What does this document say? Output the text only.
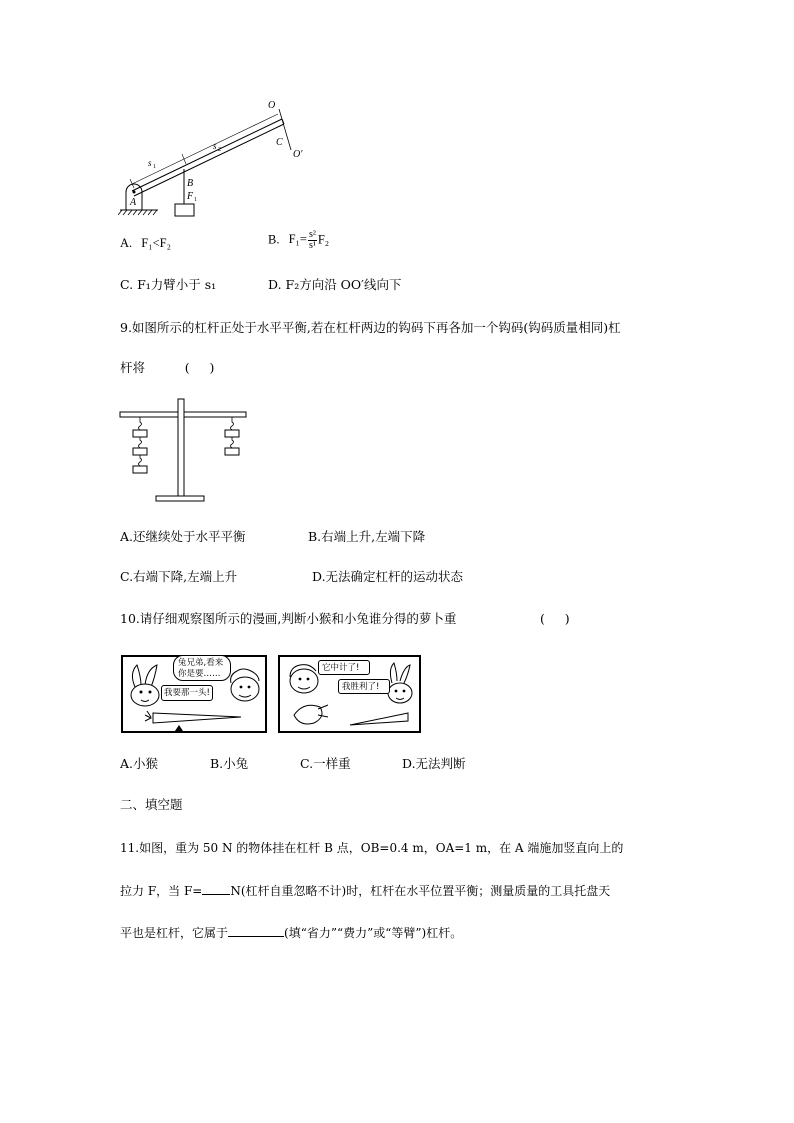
O
C
O′
s 1
s 2
B
F 1
A
A. F₁<F₂	B. $F_1= \frac{\text{s²}}{\text{s¹}} F_2$
C. F₁力臂小于 s₁	D. F₂方向沿 OO′线向下
9.如图所示的杠杆正处于水平平衡,若在杠杆两边的钩码下再各加一个钩码(钩码质量相同)杠
杆将          (     )
A.还继续处于水平平衡	B.右端上升,左端下降
C.右端下降,左端上升	D.无法确定杠杆的运动状态
10.请仔细观察图所示的漫画,判断小猴和小兔谁分得的萝卜重	(     )
兔兄弟,看来
你是要……
我要那一头!
它中计了!
我胜利了!
A.小猴	B.小兔	C.一样重	D.无法判断
二、填空题
11.如图，重为 50 N 的物体挂在杠杆 B 点，OB=0.4 m，OA=1 m，在 A 端施加竖直向上的
拉力 F，当 F= N(杠杆自重忽略不计)时，杠杆在水平位置平衡；测量质量的工具托盘天
平也是杠杆，它属于	(填“省力”“费力”或“等臂”)杠杆。
